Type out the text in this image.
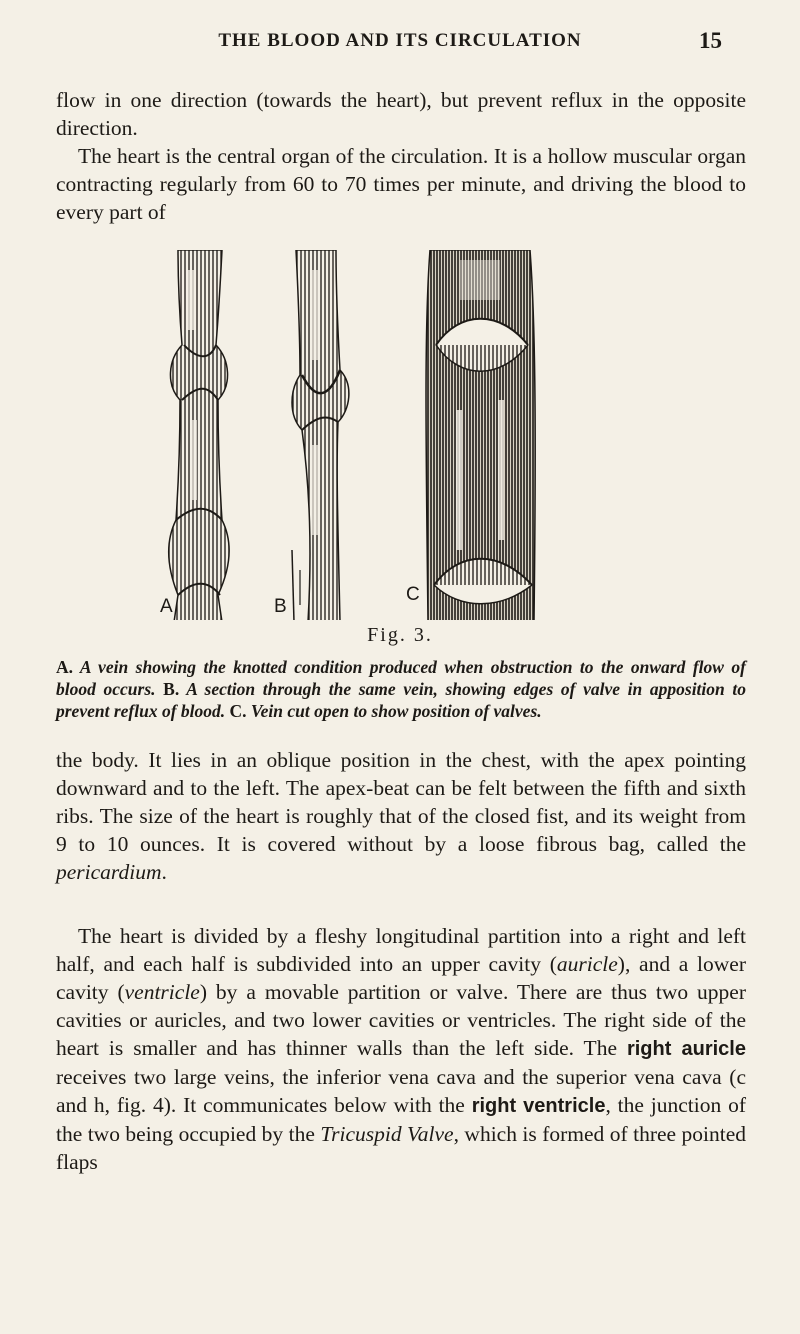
THE BLOOD AND ITS CIRCULATION	15

flow in one direction (towards the heart), but prevent reflux in the opposite direction.
The heart is the central organ of the circulation. It is a hollow muscular organ contracting regularly from 60 to 70 times per minute, and driving the blood to every part of

A	B
C
Fig. 3.
A. A vein showing the knotted condition produced when obstruction to the onward flow of blood occurs. B. A section through the same vein, showing edges of valve in apposition to prevent reflux of blood. C. Vein cut open to show position of valves.

the body. It lies in an oblique position in the chest, with the apex pointing downward and to the left. The apex-beat can be felt between the fifth and sixth ribs. The size of the heart is roughly that of the closed fist, and its weight from 9 to 10 ounces. It is covered without by a loose fibrous bag, called the pericardium.

The heart is divided by a fleshy longitudinal partition into a right and left half, and each half is subdivided into an upper cavity (auricle), and a lower cavity (ventricle) by a movable partition or valve. There are thus two upper cavities or auricles, and two lower cavities or ventricles. The right side of the heart is smaller and has thinner walls than the left side. The right auricle receives two large veins, the inferior vena cava and the superior vena cava (c and h, fig. 4). It communicates below with the right ventricle, the junction of the two being occupied by the Tricuspid Valve, which is formed of three pointed flaps
